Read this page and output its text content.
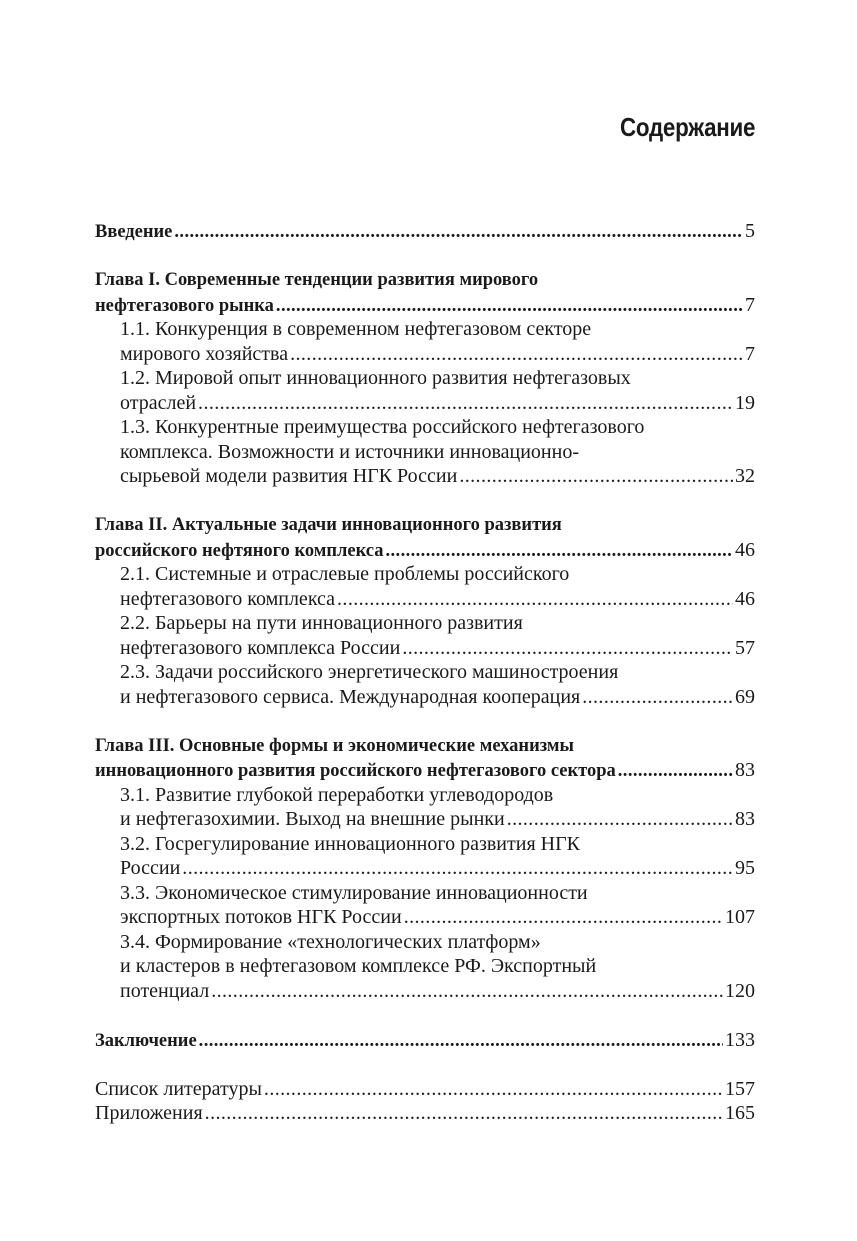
Содержание
Введение .....	5
Глава I. Современные тенденции развития мирового
нефтегазового рынка .....	7
1.1. Конкуренция в современном нефтегазовом секторе
мирового хозяйства .....	7
1.2. Мировой опыт инновационного развития нефтегазовых
отраслей .....	19
1.3. Конкурентные преимущества российского нефтегазового
комплекса. Возможности и источники инновационно-
сырьевой модели развития НГК России .....	32
Глава II. Актуальные задачи инновационного развития
российского нефтяного комплекса .....	46
2.1. Системные и отраслевые проблемы российского
нефтегазового комплекса .....	46
2.2. Барьеры на пути инновационного развития
нефтегазового комплекса России .....	57
2.3. Задачи российского энергетического машиностроения
и нефтегазового сервиса. Международная кооперация .....	69
Глава III. Основные формы и экономические механизмы
инновационного развития российского нефтегазового сектора .....	83
3.1. Развитие глубокой переработки углеводородов
и нефтегазохимии. Выход на внешние рынки .....	83
3.2. Госрегулирование инновационного развития НГК
России .....	95
3.3. Экономическое стимулирование инновационности
экспортных потоков НГК России .....	107
3.4. Формирование «технологических платформ»
и кластеров в нефтегазовом комплексе РФ. Экспортный
потенциал .....	120
Заключение .....	133
Список литературы .....	157
Приложения .....	165
